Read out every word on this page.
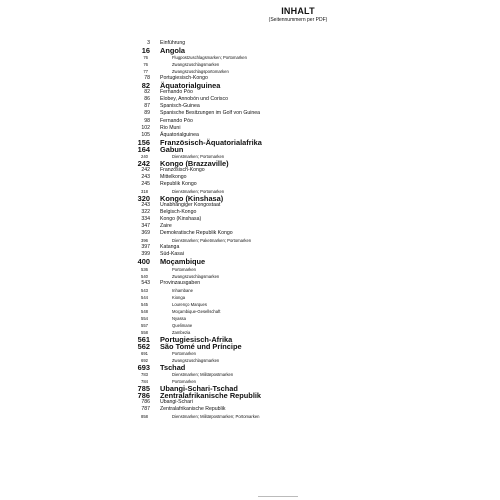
INHALT
(Seitennummern per PDF)
3 Einführung
16 Angola
76	Flugpostzuschlagsmarken; Portomarken
76	Zwangszuschlagsmarken
77	Zwangszuschlagsportomarken
78 Portugiesisch-Kongo
82 Äquatorialguinea
82 Fernando Póo
86 Elobey, Annobón und Corisco
87 Spanisch-Guinea
89 Spanische Besitzungen im Golf von Guinea
98 Fernando Póo
102 Rio Muni
105 Äquatorialguinea
156 Französisch-Äquatorialafrika
164 Gabun
240	Dienstmarken; Portomarken
242 Kongo (Brazzaville)
242 Französisch-Kongo
243 Mittelkongo
245 Republik Kongo
318	Dienstmarken; Portomarken
320 Kongo (Kinshasa)
243 Unabhängiger Kongostaat
322 Belgisch-Kongo
334 Kongo (Kinshasa)
347 Zaire
369 Demokratische Republik Kongo
396	Dienstmarken; Paketmarken; Portomarken
397 Katanga
399 Süd-Kasai
400 Moçambique
536	Portomarken
540	Zwangszuschlagsmarken
543 Provinzausgaben
543	Inhambane
544	Kionga
545	Lourenço Marques
548	Moçambique-Gesellschaft
554	Nyassa
557	Quelimane
558	Zambezia
561 Portugiesisch-Afrika
562 São Tomé und Príncipe
691	Portomarken
692	Zwangszuschlagsmarken
693 Tschad
783	Dienstmarken; Militärpostmarken
784	Portomarken
785 Ubangi-Schari-Tschad
786 Zentralafrikanische Republik
786 Ubangi-Schari
787 Zentralafrikanische Republik
858	Dienstmarken; Militärpostmarken; Portomarken
